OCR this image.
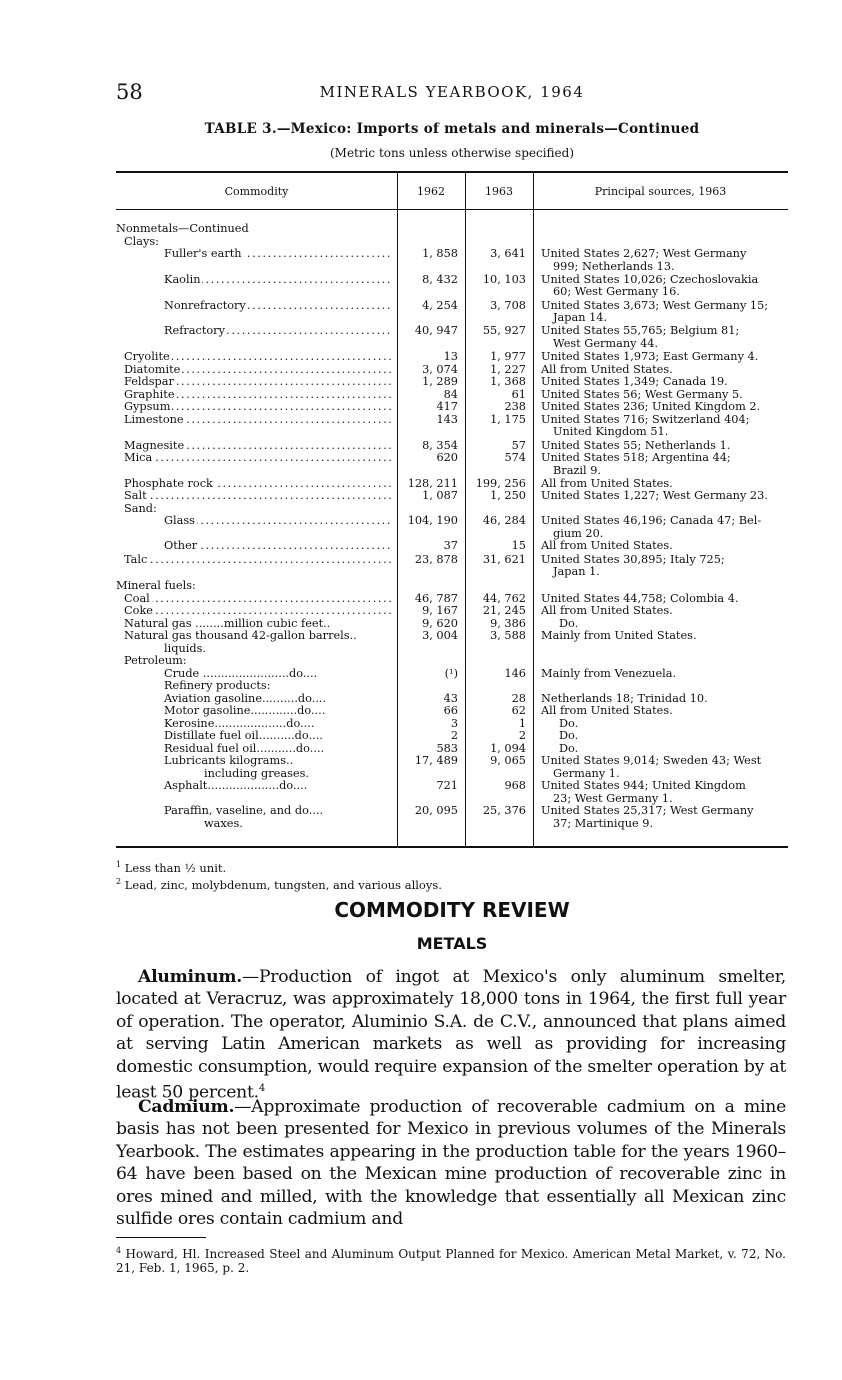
58	MINERALS YEARBOOK, 1964
TABLE 3.—Mexico: Imports of metals and minerals—Continued
(Metric tons unless otherwise specified)
Commodity	1962	1963	Principal sources, 1963
Nonmetals—Continued
Clays:
Fuller's earth . . .	1, 858	3, 641 United States 2,627; West Germany
999; Netherlands 13.
Kaolin . . .	8, 432	10, 103 United States 10,026; Czechoslovakia
60; West Germany 16.
Nonrefractory . . .	4, 254	3, 708 United States 3,673; West Germany 15;
Japan 14.
Refractory . . .	40, 947	55, 927 United States 55,765; Belgium 81;
West Germany 44.
Cryolite . . .	13	1, 977 United States 1,973; East Germany 4.
Diatomite . . .	3, 074	1, 227 All from United States.
Feldspar . . .	1, 289	1, 368 United States 1,349; Canada 19.
Graphite . . .	84	61 United States 56; West Germany 5.
Gypsum . . .	417	238 United States 236; United Kingdom 2.
Limestone . . .	143	1, 175 United States 716; Switzerland 404;
United Kingdom 51.
Magnesite . . .	8, 354	57 United States 55; Netherlands 1.
Mica . . .	620	574 United States 518; Argentina 44;
Brazil 9.
Phosphate rock . . .	128, 211	199, 256 All from United States.
Salt . . .	1, 087	1, 250 United States 1,227; West Germany 23.
Sand:
Glass . . .	104, 190	46, 284 United States 46,196; Canada 47; Bel-
gium 20.
Other . . .	37	15 All from United States.
Talc . . .	23, 878	31, 621 United States 30,895; Italy 725;
Japan 1.
Mineral fuels:
Coal . . .	46, 787	44, 762 United States 44,758; Colombia 4.
Coke . . .	9, 167	21, 245 All from United States.
Natural gas ........million cubic feet..	9, 620	9, 386 Do.
Natural gas thousand 42-gallon barrels..	3, 004	3, 588 Mainly from United States.
liquids.
Petroleum:
Crude ........................do....	(¹)	146 Mainly from Venezuela.
Refinery products:
Aviation gasoline..........do....	43	28 Netherlands 18; Trinidad 10.
Motor gasoline.............do....	66	62 All from United States.
Kerosine....................do....	3	1 Do.
Distillate fuel oil..........do....	2	2 Do.
Residual fuel oil...........do....	583	1, 094 Do.
Lubricants kilograms..	17, 489	9, 065 United States 9,014; Sweden 43; West
Germany 1.
including greases.
Asphalt....................do....	721	968 United States 944; United Kingdom
23; West Germany 1.
Paraffin, vaseline, and do....	20, 095	25, 376 United States 25,317; West Germany
37; Martinique 9.
waxes.
$^1$ Less than ½ unit.
$^2$ Lead, zinc, molybdenum, tungsten, and various alloys.
COMMODITY REVIEW
METALS
Aluminum.—Production of ingot at Mexico's only aluminum smelter, located at Veracruz, was approximately 18,000 tons in 1964, the first full year of operation. The operator, Aluminio S.A. de C.V., announced that plans aimed at serving Latin American markets as well as providing for increasing domestic consumption, would require expansion of the smelter operation by at least 50 percent.$^4$
Cadmium.—Approximate production of recoverable cadmium on a mine basis has not been presented for Mexico in previous volumes of the Minerals Yearbook. The estimates appearing in the production table for the years 1960–64 have been based on the Mexican mine production of recoverable zinc in ores mined and milled, with the knowledge that essentially all Mexican zinc sulfide ores contain cadmium and
$^4$ Howard, Hl. Increased Steel and Aluminum Output Planned for Mexico. American Metal Market, v. 72, No. 21, Feb. 1, 1965, p. 2.
